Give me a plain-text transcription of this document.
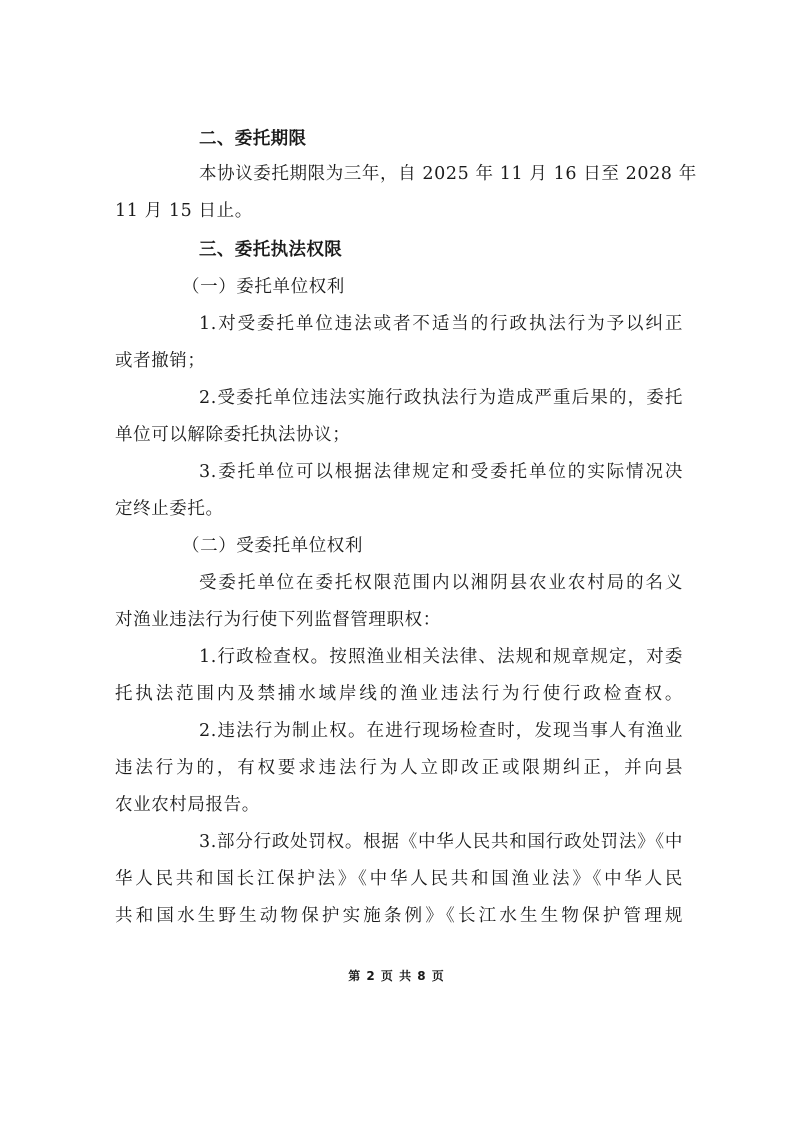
二、委托期限
本协议委托期限为三年，自 2025 年 11 月 16 日至 2028 年
11 月 15 日止。
三、委托执法权限
（一）委托单位权利
1.对受委托单位违法或者不适当的行政执法行为予以纠正
或者撤销；
2.受委托单位违法实施行政执法行为造成严重后果的，委托
单位可以解除委托执法协议；
3.委托单位可以根据法律规定和受委托单位的实际情况决
定终止委托。
（二）受委托单位权利
受委托单位在委托权限范围内以湘阴县农业农村局的名义
对渔业违法行为行使下列监督管理职权：
1.行政检查权。按照渔业相关法律、法规和规章规定，对委
托执法范围内及禁捕水域岸线的渔业违法行为行使行政检查权。
2.违法行为制止权。在进行现场检查时，发现当事人有渔业
违法行为的，有权要求违法行为人立即改正或限期纠正，并向县
农业农村局报告。
3.部分行政处罚权。根据《中华人民共和国行政处罚法》《中
华人民共和国长江保护法》《中华人民共和国渔业法》《中华人民
共和国水生野生动物保护实施条例》《长江水生生物保护管理规
第 2 页 共 8 页
